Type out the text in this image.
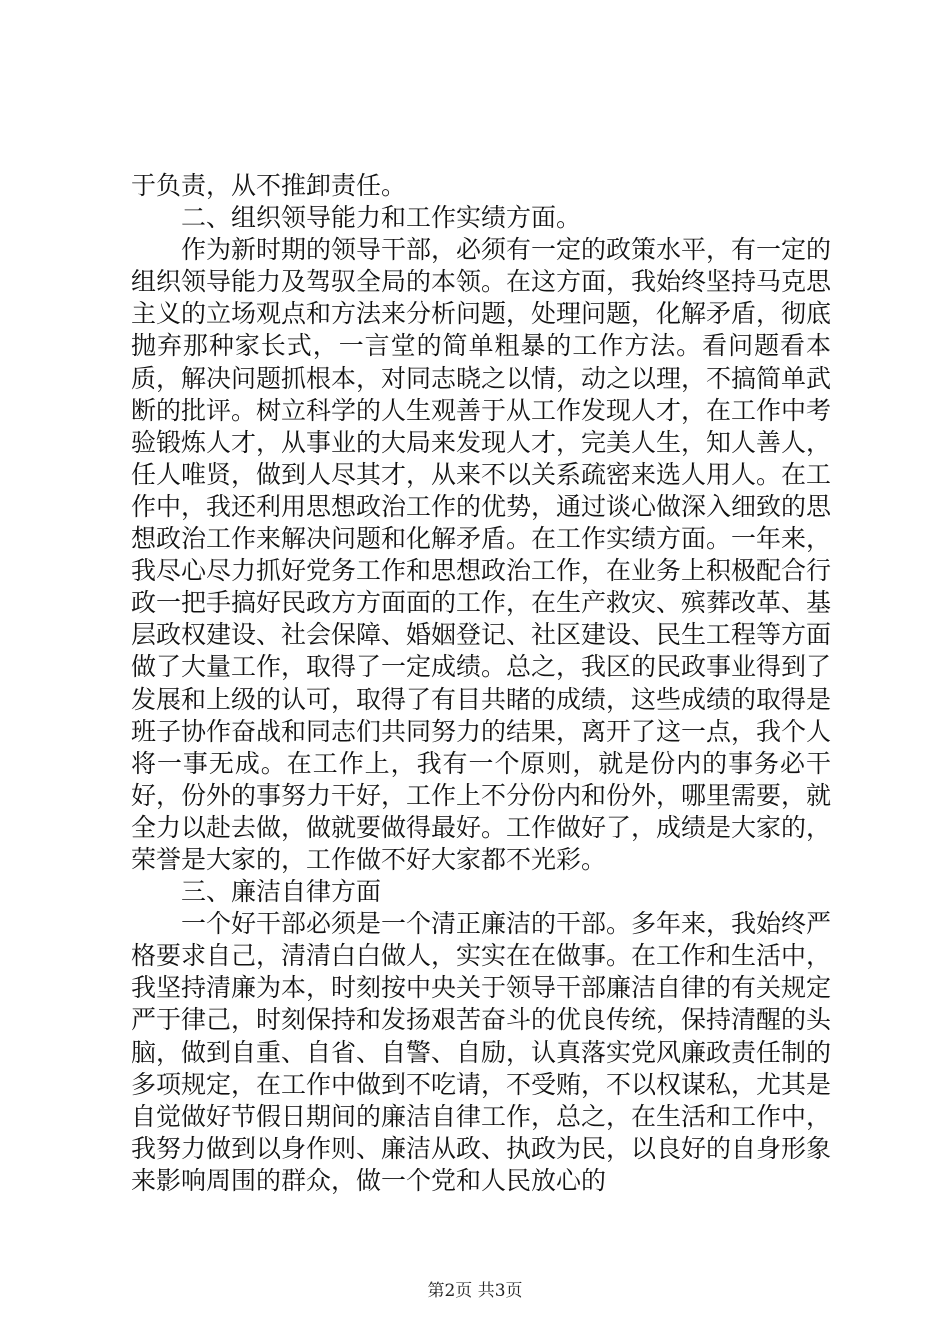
于负责，从不推卸责任。

二、组织领导能力和工作实绩方面。

作为新时期的领导干部，必须有一定的政策水平，有一定的组织领导能力及驾驭全局的本领。在这方面，我始终坚持马克思主义的立场观点和方法来分析问题，处理问题，化解矛盾，彻底抛弃那种家长式，一言堂的简单粗暴的工作方法。看问题看本质，解决问题抓根本，对同志晓之以情，动之以理，不搞简单武断的批评。树立科学的人生观善于从工作发现人才，在工作中考验锻炼人才，从事业的大局来发现人才，完美人生，知人善人，任人唯贤，做到人尽其才，从来不以关系疏密来选人用人。在工作中，我还利用思想政治工作的优势，通过谈心做深入细致的思想政治工作来解决问题和化解矛盾。在工作实绩方面。一年来，我尽心尽力抓好党务工作和思想政治工作，在业务上积极配合行政一把手搞好民政方方面面的工作，在生产救灾、殡葬改革、基层政权建设、社会保障、婚姻登记、社区建设、民生工程等方面做了大量工作，取得了一定成绩。总之，我区的民政事业得到了发展和上级的认可，取得了有目共睹的成绩，这些成绩的取得是班子协作奋战和同志们共同努力的结果，离开了这一点，我个人将一事无成。在工作上，我有一个原则，就是份内的事务必干好，份外的事努力干好，工作上不分份内和份外，哪里需要，就全力以赴去做，做就要做得最好。工作做好了，成绩是大家的，荣誉是大家的，工作做不好大家都不光彩。

三、廉洁自律方面

一个好干部必须是一个清正廉洁的干部。多年来，我始终严格要求自己，清清白白做人，实实在在做事。在工作和生活中，我坚持清廉为本，时刻按中央关于领导干部廉洁自律的有关规定严于律己，时刻保持和发扬艰苦奋斗的优良传统，保持清醒的头脑，做到自重、自省、自警、自励，认真落实党风廉政责任制的多项规定，在工作中做到不吃请，不受贿，不以权谋私，尤其是自觉做好节假日期间的廉洁自律工作，总之，在生活和工作中，我努力做到以身作则、廉洁从政、执政为民，以良好的自身形象来影响周围的群众，做一个党和人民放心的

第2页 共3页
